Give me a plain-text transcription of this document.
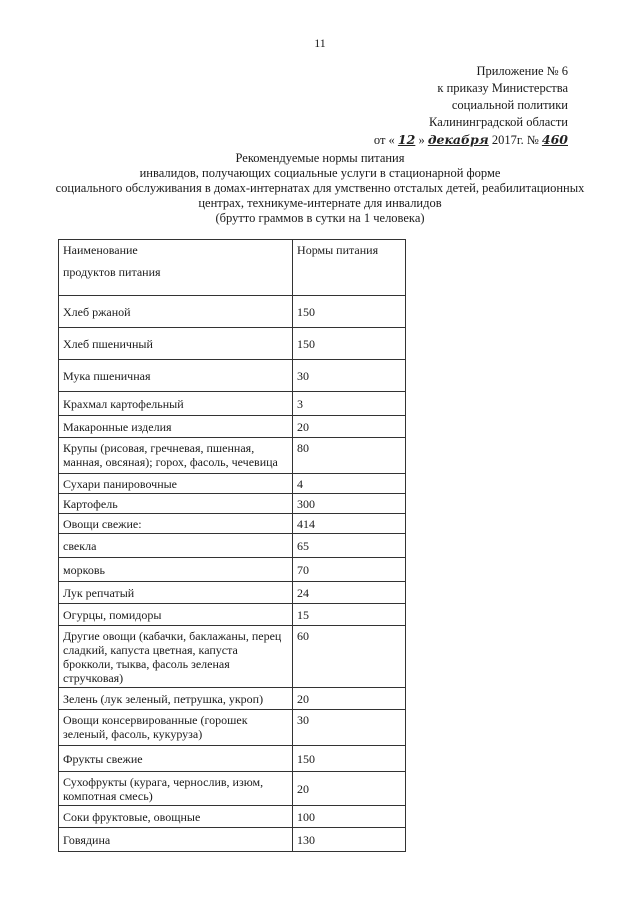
11
Приложение № 6
к приказу Министерства
социальной политики
Калининградской области
от « 12 » декабря 2017г. № 460
Рекомендуемые нормы питания
инвалидов, получающих социальные услуги в стационарной форме
социального обслуживания в домах-интернатах для умственно отсталых детей, реабилитационных
центрах, техникуме-интернате для инвалидов
(брутто граммов в сутки на 1 человека)
Наименование
продуктов питания	Нормы питания
Хлеб ржаной	150
Хлеб пшеничный	150
Мука пшеничная	30
Крахмал картофельный	3
Макаронные изделия	20
Крупы (рисовая, гречневая, пшенная, манная, овсяная); горох, фасоль, чечевица	80
Сухари панировочные	4
Картофель	300
Овощи свежие:	414
свекла	65
морковь	70
Лук репчатый	24
Огурцы, помидоры	15
Другие овощи (кабачки, баклажаны, перец сладкий, капуста цветная, капуста брокколи, тыква, фасоль зеленая стручковая)	60
Зелень (лук зеленый, петрушка, укроп)	20
Овощи консервированные (горошек зеленый, фасоль, кукуруза)	30
Фрукты свежие	150
Сухофрукты (курага, чернослив, изюм, компотная смесь)	20
Соки фруктовые, овощные	100
Говядина	130
